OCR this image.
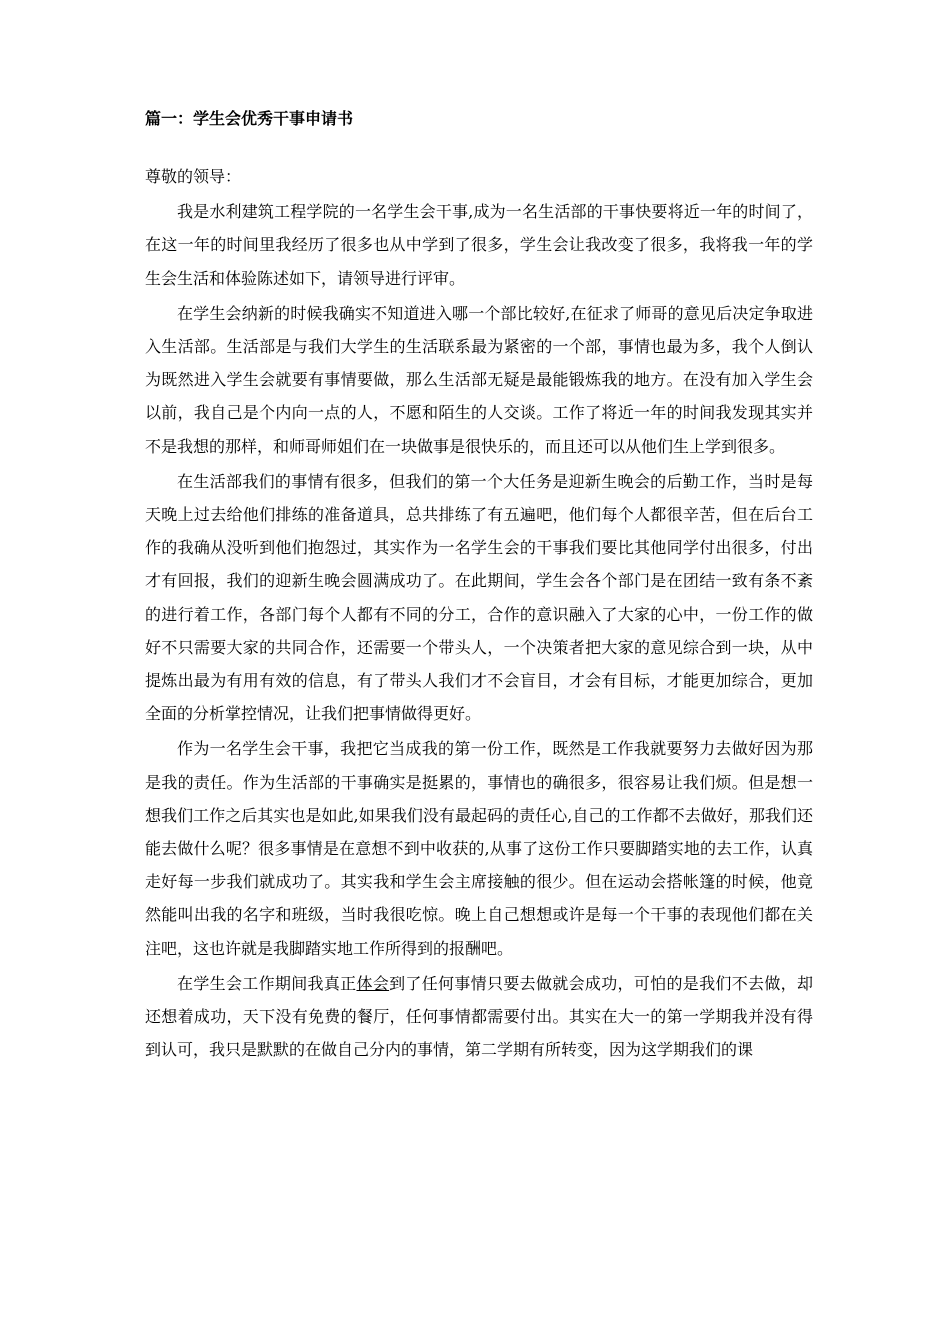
篇一：学生会优秀干事申请书
尊敬的领导：

我是水利建筑工程学院的一名学生会干事,成为一名生活部的干事快要将近一年的时间了，在这一年的时间里我经历了很多也从中学到了很多，学生会让我改变了很多，我将我一年的学生会生活和体验陈述如下，请领导进行评审。

在学生会纳新的时候我确实不知道进入哪一个部比较好,在征求了师哥的意见后决定争取进入生活部。生活部是与我们大学生的生活联系最为紧密的一个部，事情也最为多，我个人倒认为既然进入学生会就要有事情要做，那么生活部无疑是最能锻炼我的地方。在没有加入学生会以前，我自己是个内向一点的人，不愿和陌生的人交谈。工作了将近一年的时间我发现其实并不是我想的那样，和师哥师姐们在一块做事是很快乐的，而且还可以从他们生上学到很多。

在生活部我们的事情有很多，但我们的第一个大任务是迎新生晚会的后勤工作，当时是每天晚上过去给他们排练的准备道具，总共排练了有五遍吧，他们每个人都很辛苦，但在后台工作的我确从没听到他们抱怨过，其实作为一名学生会的干事我们要比其他同学付出很多，付出才有回报，我们的迎新生晚会圆满成功了。在此期间，学生会各个部门是在团结一致有条不紊的进行着工作，各部门每个人都有不同的分工，合作的意识融入了大家的心中，一份工作的做好不只需要大家的共同合作，还需要一个带头人，一个决策者把大家的意见综合到一块，从中提炼出最为有用有效的信息，有了带头人我们才不会盲目，才会有目标，才能更加综合，更加全面的分析掌控情况，让我们把事情做得更好。

作为一名学生会干事，我把它当成我的第一份工作，既然是工作我就要努力去做好因为那是我的责任。作为生活部的干事确实是挺累的，事情也的确很多，很容易让我们烦。但是想一想我们工作之后其实也是如此,如果我们没有最起码的责任心,自己的工作都不去做好，那我们还能去做什么呢？很多事情是在意想不到中收获的,从事了这份工作只要脚踏实地的去工作，认真走好每一步我们就成功了。其实我和学生会主席接触的很少。但在运动会搭帐篷的时候，他竟然能叫出我的名字和班级，当时我很吃惊。晚上自己想想或许是每一个干事的表现他们都在关注吧，这也许就是我脚踏实地工作所得到的报酬吧。

在学生会工作期间我真正体会到了任何事情只要去做就会成功，可怕的是我们不去做，却还想着成功，天下没有免费的餐厅，任何事情都需要付出。其实在大一的第一学期我并没有得到认可，我只是默默的在做自己分内的事情，第二学期有所转变，因为这学期我们的课
